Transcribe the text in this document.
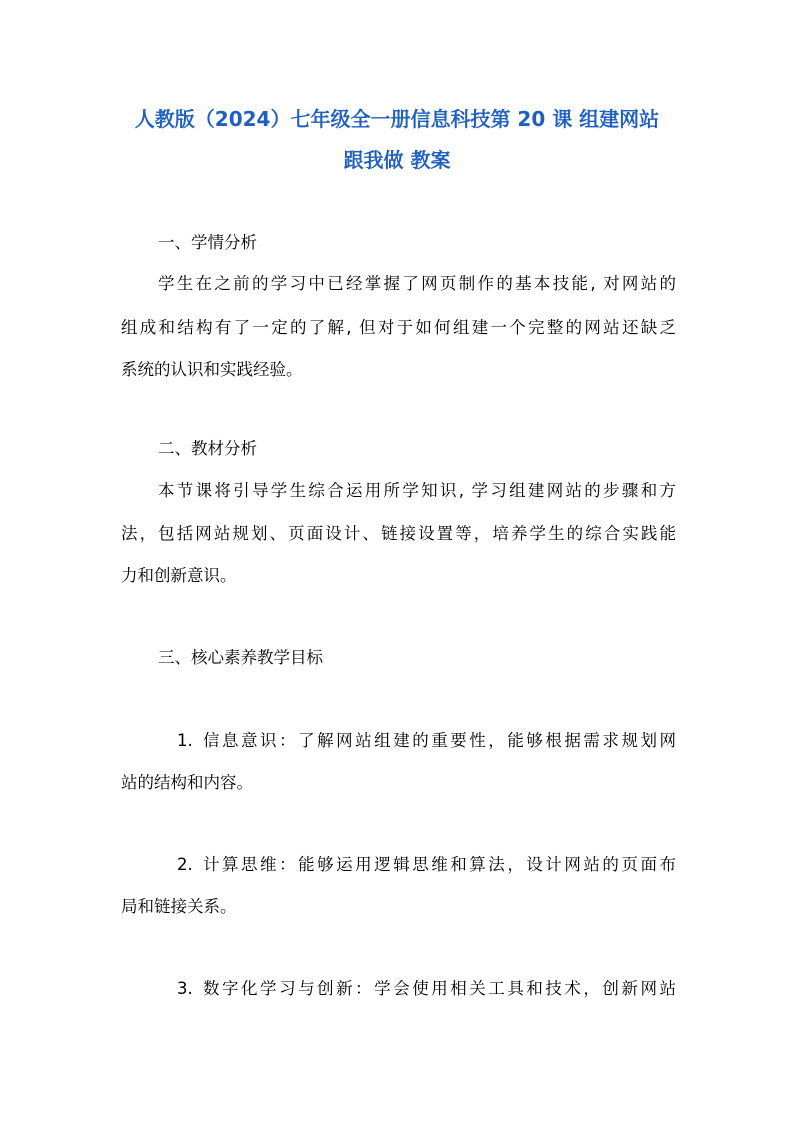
人教版（2024）七年级全一册信息科技第 20 课 组建网站
跟我做 教案
一、学情分析
学生在之前的学习中已经掌握了网页制作的基本技能, 对网站的
组成和结构有了一定的了解, 但对于如何组建一个完整的网站还缺乏
系统的认识和实践经验。
二、教材分析
本节课将引导学生综合运用所学知识, 学习组建网站的步骤和方
法，包括网站规划、页面设计、链接设置等，培养学生的综合实践能
力和创新意识。
三、核心素养教学目标
1. 信息意识：了解网站组建的重要性，能够根据需求规划网
站的结构和内容。
2. 计算思维：能够运用逻辑思维和算法，设计网站的页面布
局和链接关系。
3. 数字化学习与创新：学会使用相关工具和技术，创新网站
